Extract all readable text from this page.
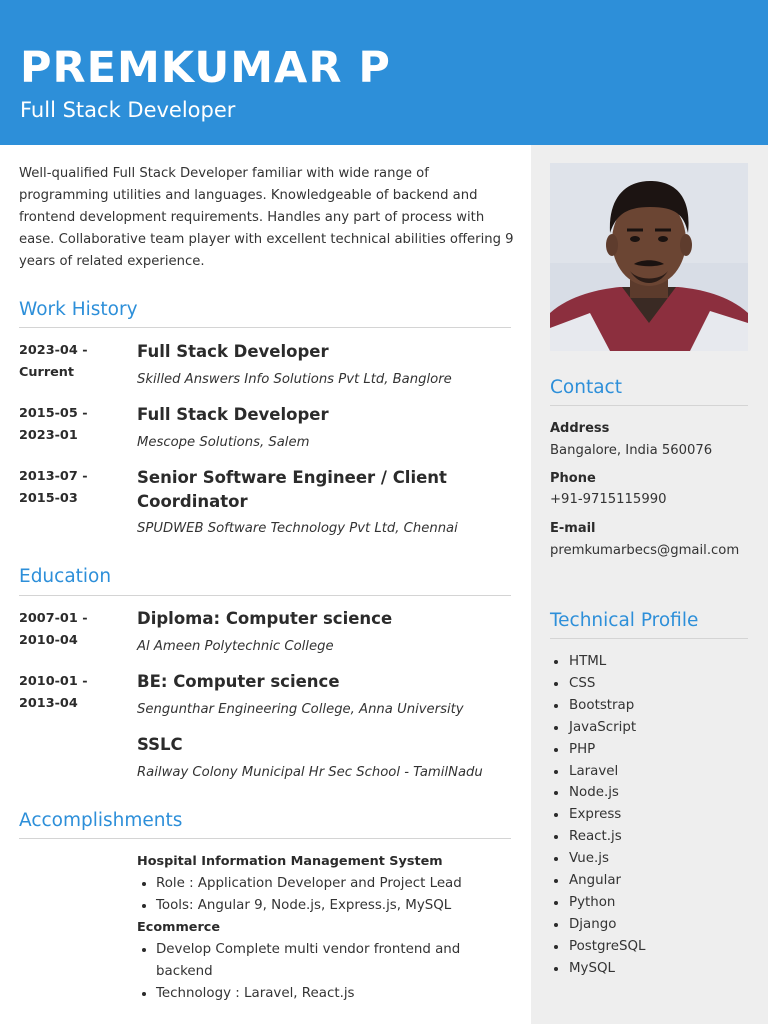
PREMKUMAR P
Full Stack Developer

Well-qualified Full Stack Developer familiar with wide range of programming utilities and languages. Knowledgeable of backend and frontend development requirements. Handles any part of process with ease. Collaborative team player with excellent technical abilities offering 9 years of related experience.

Work History
2023-04 -
Current
Full Stack Developer
Skilled Answers Info Solutions Pvt Ltd, Banglore
2015-05 -
2023-01
Full Stack Developer
Mescope Solutions, Salem
2013-07 -
2015-03
Senior Software Engineer / Client Coordinator
SPUDWEB Software Technology Pvt Ltd, Chennai
Education
2007-01 -
2010-04
Diploma: Computer science
Al Ameen Polytechnic College
2010-01 -
2013-04
BE: Computer science
Sengunthar Engineering College, Anna University
SSLC
Railway Colony Municipal Hr Sec School - TamilNadu
Accomplishments
Hospital Information Management System
Role : Application Developer and Project Lead
Tools: Angular 9, Node.js, Express.js, MySQL
Ecommerce
Develop Complete multi vendor frontend and backend
Technology : Laravel, React.js
Contact
Address
Bangalore, India 560076
Phone
+91-9715115990
E-mail
premkumarbecs@gmail.com
Technical Profile
HTML
CSS
Bootstrap
JavaScript
PHP
Laravel
Node.js
Express
React.js
Vue.js
Angular
Python
Django
PostgreSQL
MySQL
